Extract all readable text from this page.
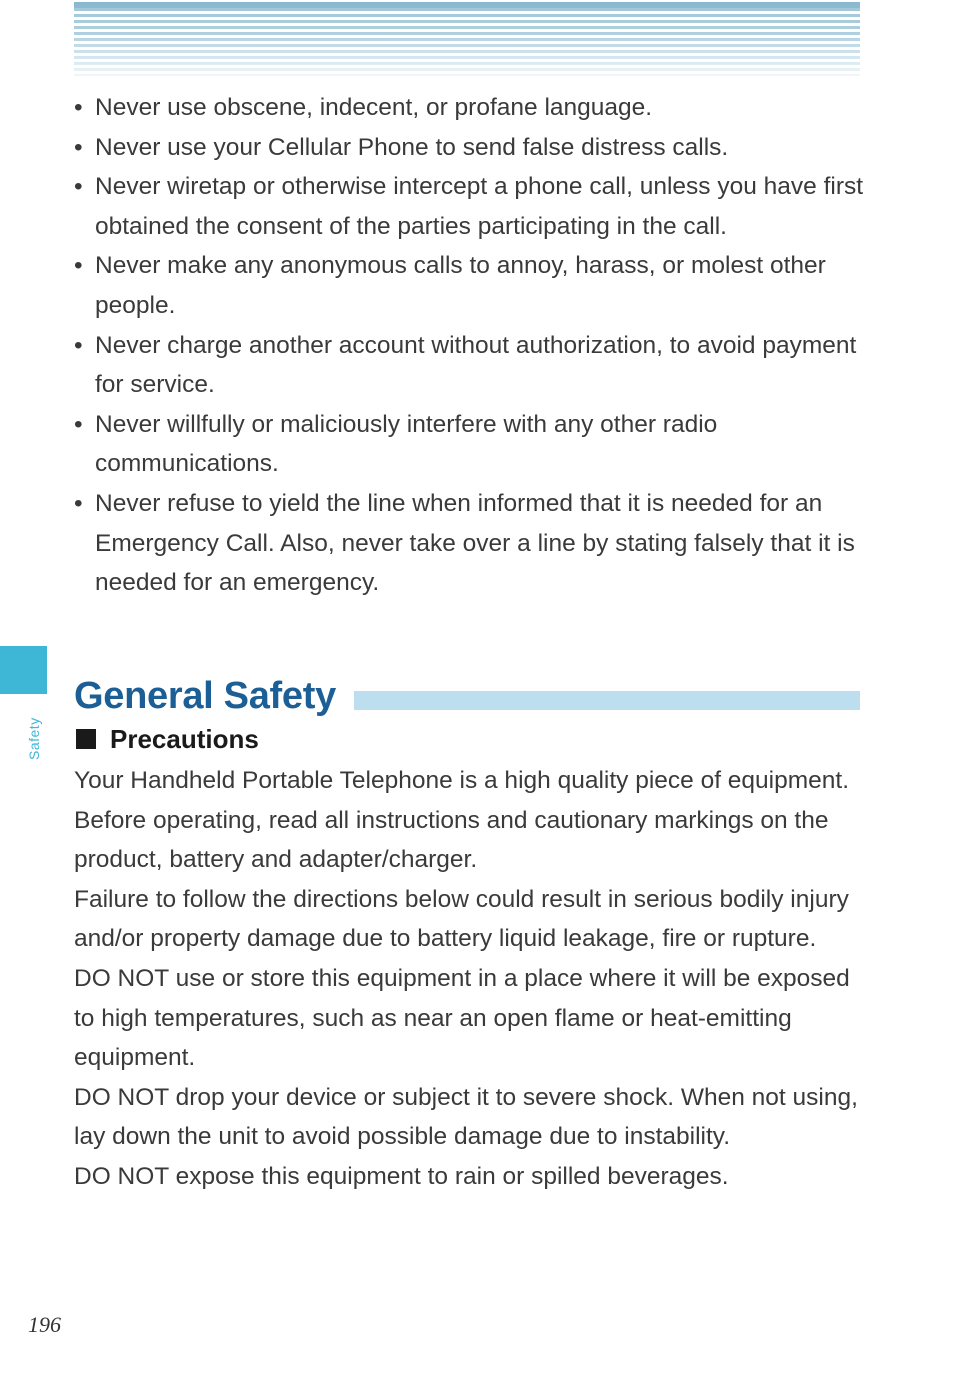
Safety
• Never use obscene, indecent, or profane language.
• Never use your Cellular Phone to send false distress calls.
• Never wiretap or otherwise intercept a phone call, unless you have first obtained the consent of the parties participating in the call.
• Never make any anonymous calls to annoy, harass, or molest other people.
• Never charge another account without authorization, to avoid payment for service.
• Never willfully or maliciously interfere with any other radio communications.
• Never refuse to yield the line when informed that it is needed for an Emergency Call. Also, never take over a line by stating falsely that it is needed for an emergency.
General Safety
Precautions

Your Handheld Portable Telephone is a high quality piece of equipment. Before operating, read all instructions and cautionary markings on the product, battery and adapter/charger.

Failure to follow the directions below could result in serious bodily injury and/or property damage due to battery liquid leakage, fire or rupture.

DO NOT use or store this equipment in a place where it will be exposed to high temperatures, such as near an open flame or heat-emitting equipment.

DO NOT drop your device or subject it to severe shock. When not using, lay down the unit to avoid possible damage due to instability.

DO NOT expose this equipment to rain or spilled beverages.

196
